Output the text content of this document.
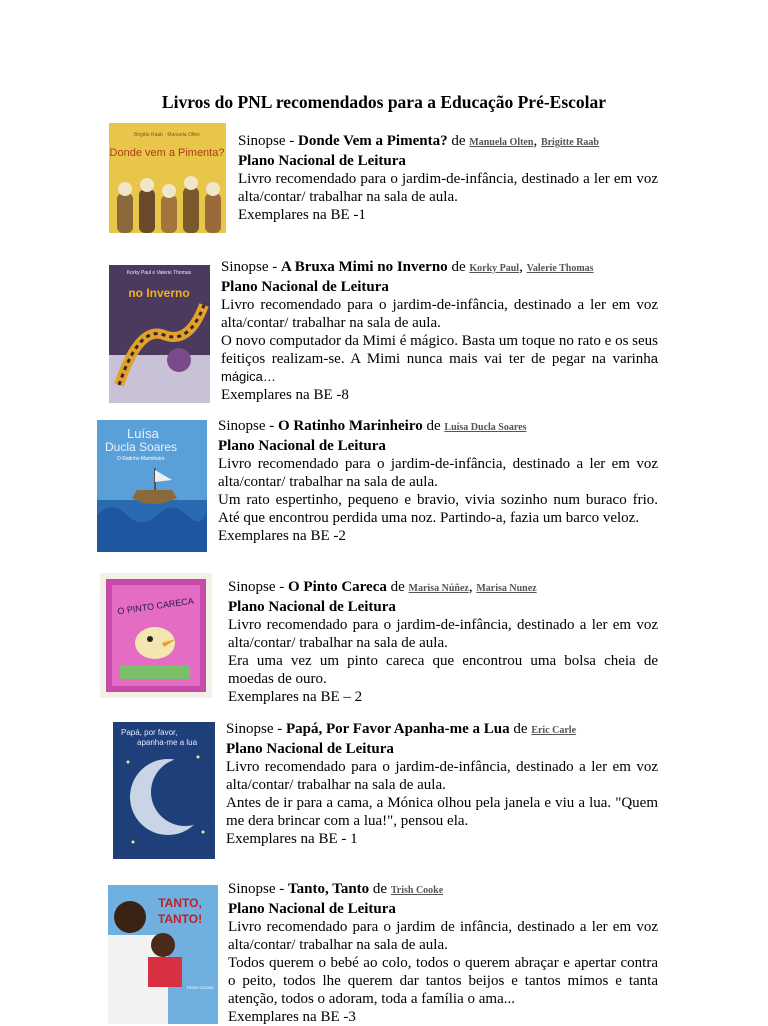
Livros do PNL recomendados para a Educação Pré-Escolar
Brigitte Raab · Manuela Olten
Donde vem a Pimenta?

Sinopse - Donde Vem a Pimenta? de Manuela Olten, Brigitte Raab

Plano Nacional de Leitura

Livro recomendado para o jardim-de-infância, destinado a ler em voz alta/contar/ trabalhar na sala de aula.

Exemplares na BE -1

Korky Paul e Valerie Thomas
no Inverno

Sinopse - A Bruxa Mimi no Inverno de Korky Paul, Valerie Thomas

Plano Nacional de Leitura

Livro recomendado para o jardim-de-infância, destinado a ler em voz alta/contar/ trabalhar na sala de aula.

O novo computador da Mimi é mágico. Basta um toque no rato e os seus feitiços realizam-se. A Mimi nunca mais vai ter de pegar na varinha mágica…

Exemplares na BE -8

Luísa
Ducla Soares
O Ratinho Marinheiro

Sinopse - O Ratinho Marinheiro de Luísa Ducla Soares

Plano Nacional de Leitura

Livro recomendado para o jardim-de-infância, destinado a ler em voz alta/contar/ trabalhar na sala de aula.

Um rato espertinho, pequeno e bravio, vivia sozinho num buraco frio. Até que encontrou perdida uma noz. Partindo-a, fazia um barco veloz.

Exemplares na BE -2

O PINTO CARECA

Sinopse - O Pinto Careca de Marisa Núñez, Marisa Nunez

Plano Nacional de Leitura

Livro recomendado para o jardim-de-infância, destinado a ler em voz alta/contar/ trabalhar na sala de aula.

Era uma vez um pinto careca que encontrou uma bolsa cheia de moedas de ouro.

Exemplares na BE – 2

Papá, por favor,
apanha-me a lua

Sinopse - Papá, Por Favor Apanha-me a Lua de Eric Carle

Plano Nacional de Leitura

Livro recomendado para o jardim-de-infância, destinado a ler em voz alta/contar/ trabalhar na sala de aula.

Antes de ir para a cama, a Mónica olhou pela janela e viu a lua. "Quem me dera brincar com a lua!", pensou ela.

Exemplares na BE - 1

TANTO,
TANTO!
TRISH COOKE

Sinopse - Tanto, Tanto de Trish Cooke

Plano Nacional de Leitura

Livro recomendado para o jardim de infância, destinado a ler em voz alta/contar/ trabalhar na sala de aula.

Todos querem o bebé ao colo, todos o querem abraçar e apertar contra o peito, todos lhe querem dar tantos beijos e tantos mimos e tanta atenção, todos o adoram, toda a família o ama...

Exemplares na BE -3
